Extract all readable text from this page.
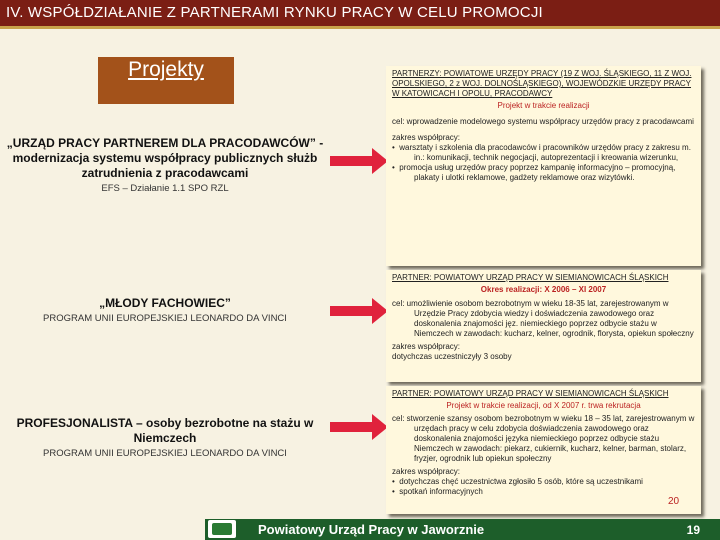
IV. WSPÓŁDZIAŁANIE Z PARTNERAMI RYNKU PRACY W CELU PROMOCJI
Projekty
„URZĄD PRACY PARTNEREM DLA PRACODAWCÓW” -modernizacja systemu współpracy publicznych służb zatrudnienia z pracodawcami
EFS – Działanie 1.1 SPO RZL
„MŁODY FACHOWIEC”
PROGRAM UNII EUROPEJSKIEJ LEONARDO DA VINCI
PROFESJONALISTA – osoby bezrobotne na stażu w Niemczech
PROGRAM UNII EUROPEJSKIEJ LEONARDO DA VINCI
PARTNERZY: POWIATOWE URZĘDY PRACY (19 Z WOJ. ŚLĄSKIEGO, 11 Z WOJ. OPOLSKIEGO, 2 z WOJ. DOLNOŚLĄSKIEGO), WOJEWÓDZKIE URZĘDY PRACY W KATOWICACH I OPOLU, PRACODAWCY
Projekt w trakcie realizacji
cel: wprowadzenie modelowego systemu współpracy urzędów pracy z pracodawcami
zakres współpracy:
•  warsztaty i szkolenia dla pracodawców i pracowników urzędów pracy z zakresu m. in.: komunikacji, technik negocjacji, autoprezentacji i kreowania wizerunku,
•  promocja usług urzędów pracy poprzez kampanię informacyjno – promocyjną, plakaty i ulotki reklamowe, gadżety reklamowe oraz wizytówki.
PARTNER: POWIATOWY URZĄD PRACY W SIEMIANOWICACH ŚLĄSKICH
Okres realizacji: X 2006 – XI 2007
cel: umożliwienie osobom bezrobotnym w wieku 18-35 lat, zarejestrowanym w Urzędzie Pracy zdobycia wiedzy i doświadczenia zawodowego oraz doskonalenia znajomości jęz. niemieckiego poprzez odbycie stażu w Niemczech w zawodach: kucharz, kelner, ogrodnik, florysta, opiekun społeczny
zakres współpracy:
dotychczas uczestniczyły 3 osoby
PARTNER: POWIATOWY URZĄD PRACY W SIEMIANOWICACH ŚLĄSKICH
Projekt w trakcie realizacji, od X 2007 r. trwa rekrutacja
cel: stworzenie szansy osobom bezrobotnym w wieku 18 – 35 lat, zarejestrowanym w urzędach pracy w celu zdobycia doświadczenia zawodowego oraz doskonalenia znajomości języka niemieckiego poprzez odbycie stażu Niemczech w zawodach: piekarz, cukiernik, kucharz, kelner, barman, stolarz, fryzjer, ogrodnik lub opiekun społeczny
zakres współpracy:
•  dotychczas chęć uczestnictwa zgłosiło 5 osób, które są uczestnikami
•  spotkań informacyjnych
20
Powiatowy Urząd Pracy w Jaworznie	19
